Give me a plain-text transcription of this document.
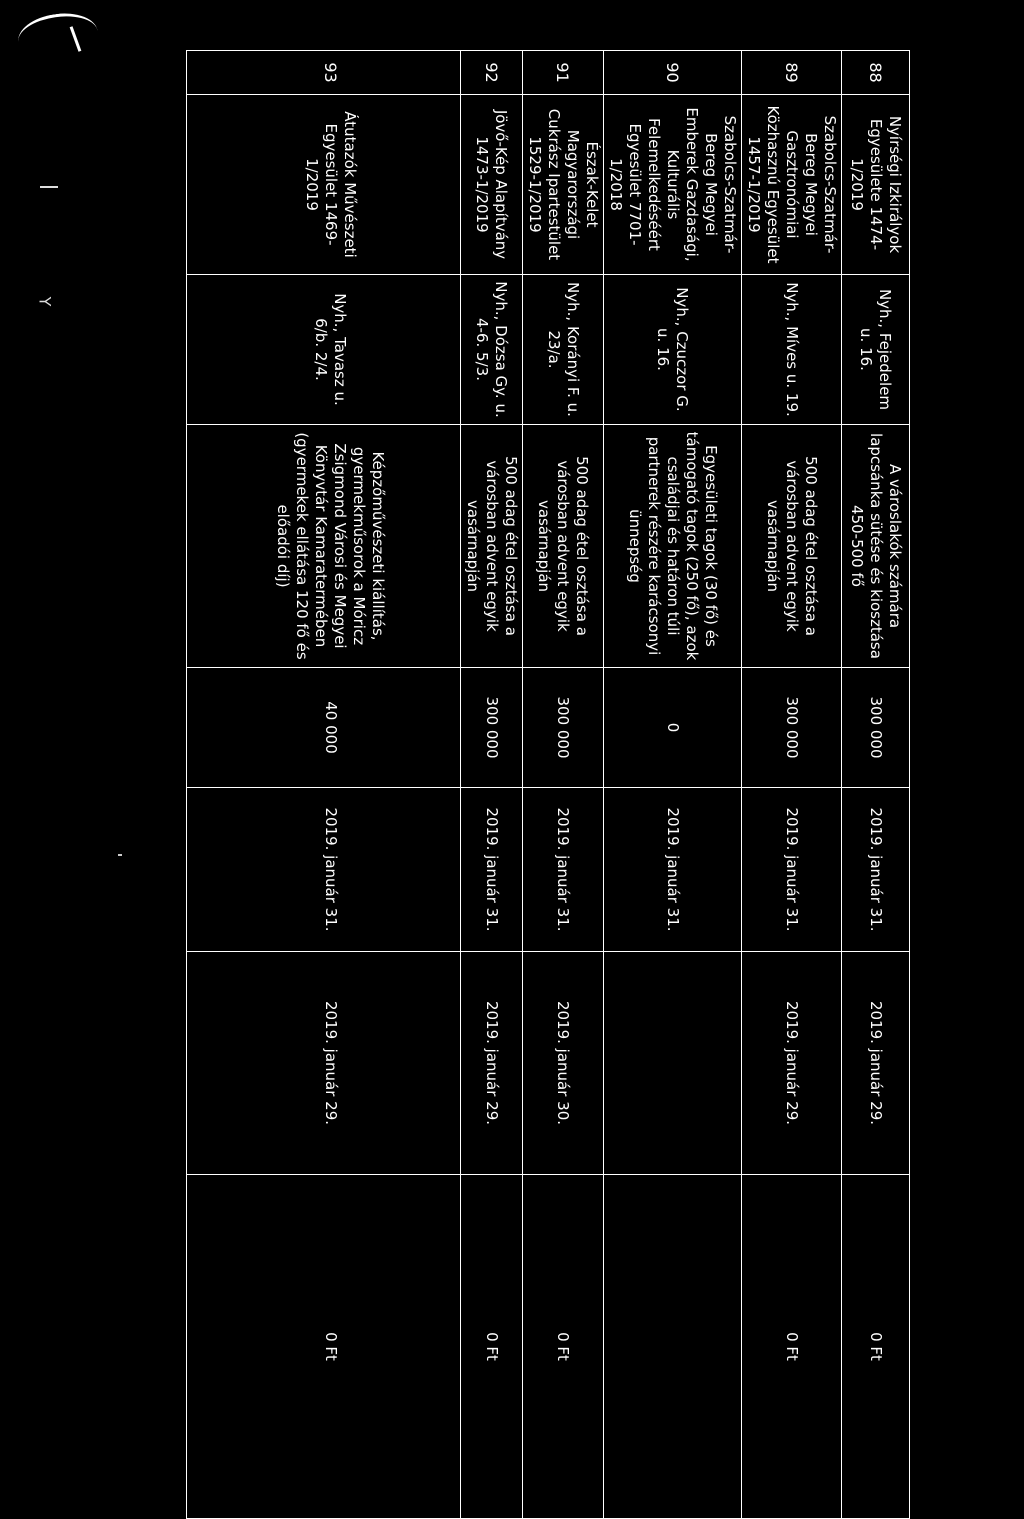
Y
88	Nyírségi Izkirályok Egyesülete 1474-1/2019	Nyh., Fejedelem u. 16.	A városlakók számára lapcsánka sütése és kiosztása 450-500 fő	300 000	2019. január 31.	2019. január 29.	0 Ft
89	Szabolcs-Szatmár-Bereg Megyei Gasztronómiai Közhasznú Egyesület 1457-1/2019	Nyh., Míves u. 19.	500 adag étel osztása a városban advent egyik vasárnapján	300 000	2019. január 31.	2019. január 29.	0 Ft
90	Szabolcs-Szatmár-Bereg Megyei Emberek Gazdasági, Kulturális Felemelkedéséért Egyesület 7701-1/2018	Nyh., Czuczor G. u. 16.	Egyesületi tagok (30 fő) és támogató tagok (250 fő), azok családjai és határon túli partnerek részére karácsonyi ünnepség	0	2019. január 31.		
91	Észak-Kelet Magyarországi Cukrász Ipartestület 1529-1/2019	Nyh., Korányi F. u. 23/a.	500 adag étel osztása a városban advent egyik vasárnapján	300 000	2019. január 31.	2019. január 30.	0 Ft
92	Jövő-Kép Alapítvány 1473-1/2019	Nyh., Dózsa Gy. u. 4-6. 5/3.	500 adag étel osztása a városban advent egyik vasárnapján	300 000	2019. január 31.	2019. január 29.	0 Ft
93	Átutazók Művészeti Egyesület 1469-1/2019	Nyh., Tavasz u. 6/b. 2/4.	Képzőművészeti kiállítás, gyermekműsorok a Móricz Zsigmond Városi és Megyei Könyvtár Kamaratermében (gyermekek ellátása 120 fő és előadói díj)	40 000	2019. január 31.	2019. január 29.	0 Ft
